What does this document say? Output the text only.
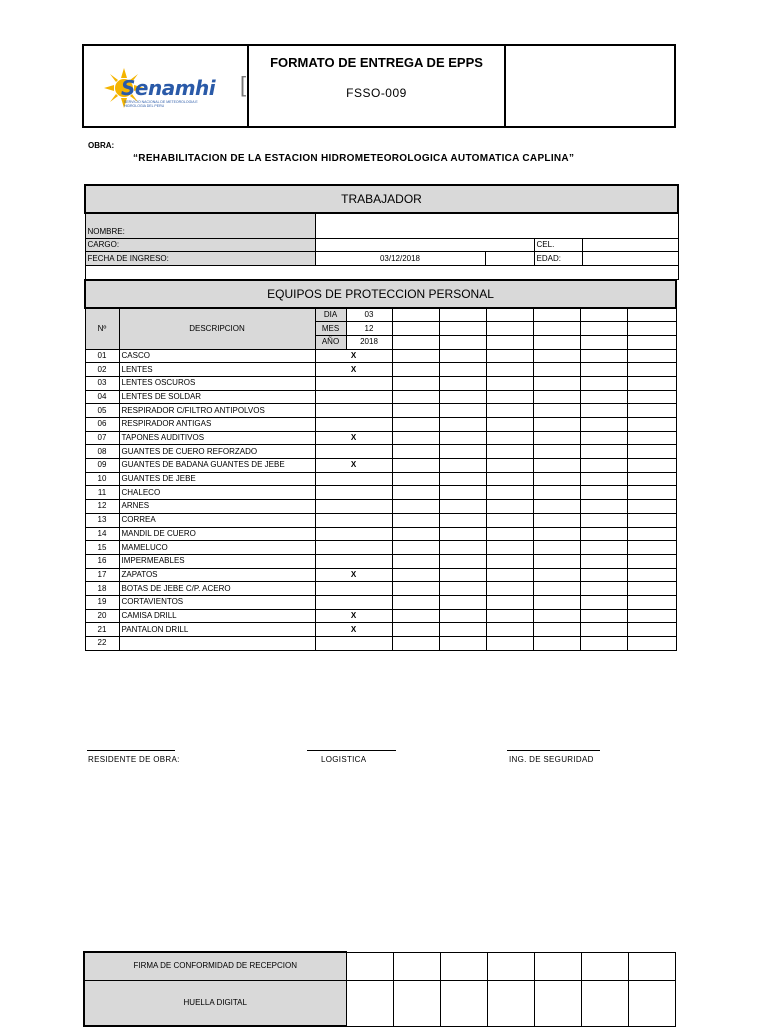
Senamhi
SERVICIO NACIONAL DE METEOROLOGIA E HIDROLOGIA DEL PERU
[
FORMATO DE ENTREGA DE EPPS
FSSO-009
OBRA:
“REHABILITACION DE LA ESTACION HIDROMETEOROLOGICA AUTOMATICA CAPLINA”
TRABAJADOR				
NOMBRE:				
CARGO:			CEL.	
FECHA DE INGRESO:	03/12/2018		EDAD:	

EQUIPOS DE PROTECCION PERSONAL									
Nº	DESCRIPCION	DIA	03						
		MES	12						
		AÑO	2018						
01	CASCO	X							
02	LENTES	X							
03	LENTES OSCUROS								
04	LENTES DE SOLDAR								
05	RESPIRADOR C/FILTRO ANTIPOLVOS								
06	RESPIRADOR ANTIGAS								
07	TAPONES AUDITIVOS	X							
08	GUANTES DE CUERO REFORZADO								
09	GUANTES DE BADANA GUANTES DE JEBE	X							
10	GUANTES DE JEBE								
11	CHALECO								
12	ARNES								
13	CORREA								
14	MANDIL DE CUERO								
15	MAMELUCO								
16	IMPERMEABLES								
17	ZAPATOS	X							
18	BOTAS DE JEBE C/P. ACERO								
19	CORTAVIENTOS								
20	CAMISA DRILL	X							
21	PANTALON DRILL	X							
22									
RESIDENTE DE OBRA:	LOGISTICA	ING. DE SEGURIDAD
FIRMA DE CONFORMIDAD DE RECEPCION							
HUELLA DIGITAL							
